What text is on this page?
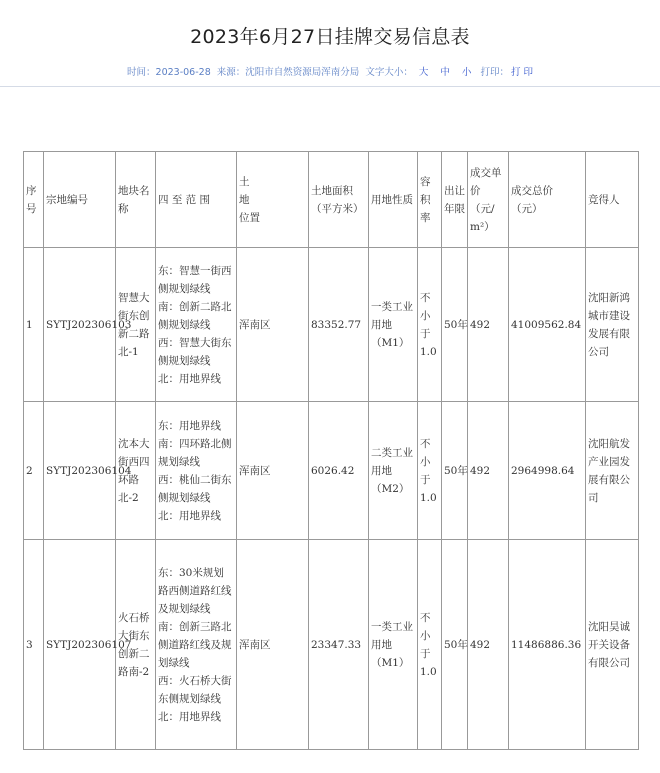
2023年6月27日挂牌交易信息表
时间：2023-06-28 来源：沈阳市自然资源局浑南分局 文字大小： 大 中 小 打印： 打 印
序号	宗地编号	地块名称	四 至 范 围	土
地
位置	土地面积
（平方米）	用地性质	容积率	出让年限	成交单
价
（元/
m²）	成交总价
（元）	竞得人
1	SYTJ202306103	智慧大街东创新二路北-1	东：智慧一街西侧规划绿线
南：创新二路北侧规划绿线
西：智慧大街东侧规划绿线
北：用地界线	浑南区	83352.77	一类工业用地
（M1）	不小于
1.0	50年	492	41009562.84	沈阳新鸿城市建设发展有限公司
2	SYTJ202306104	沈本大街西四环路北-2	东：用地界线
南：四环路北侧规划绿线
西：桃仙二街东侧规划绿线
北：用地界线	浑南区	6026.42	二类工业用地
（M2）	不小于
1.0	50年	492	2964998.64	沈阳航发产业园发展有限公司
3	SYTJ202306107	火石桥大街东创新二路南-2	东：30米规划路西侧道路红线及规划绿线
南：创新三路北侧道路红线及规划绿线
西：火石桥大街东侧规划绿线
北：用地界线	浑南区	23347.33	一类工业用地
（M1）	不小于
1.0	50年	492	11486886.36	沈阳昊诚开关设备有限公司
